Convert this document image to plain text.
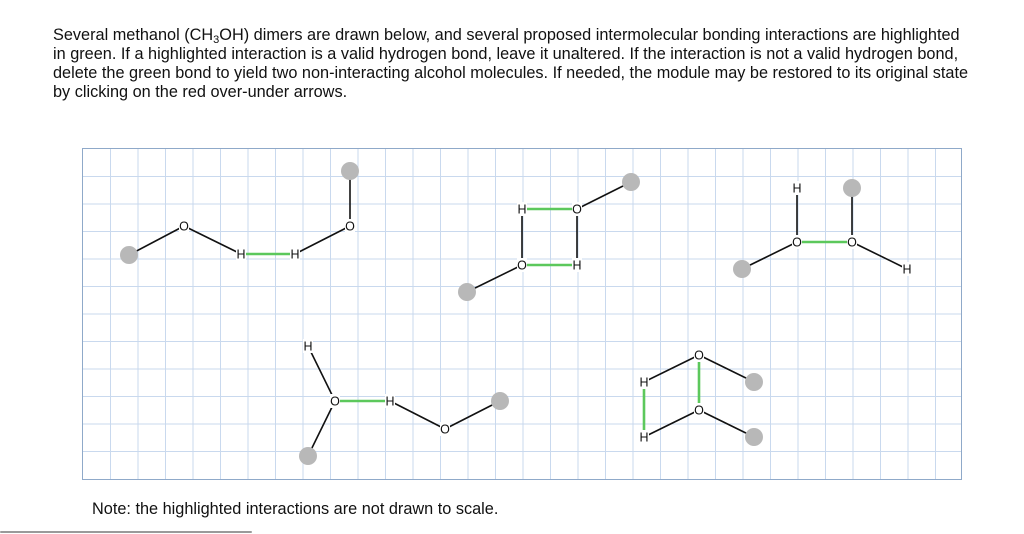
Several methanol $(CH_3OH)$ dimers are drawn below, and several proposed intermolecular bonding interactions are highlighted in green. If a highlighted interaction is a valid hydrogen bond, leave it unaltered. If the interaction is not a valid hydrogen bond, delete the green bond to yield two non-interacting alcohol molecules. If needed, the module may be restored to its original state by clicking on the red over-under arrows.

O
H	H
O
H	O
O	H
H
O	O
H
H
O	H
O
H
O
H
O

Note: the highlighted interactions are not drawn to scale.
